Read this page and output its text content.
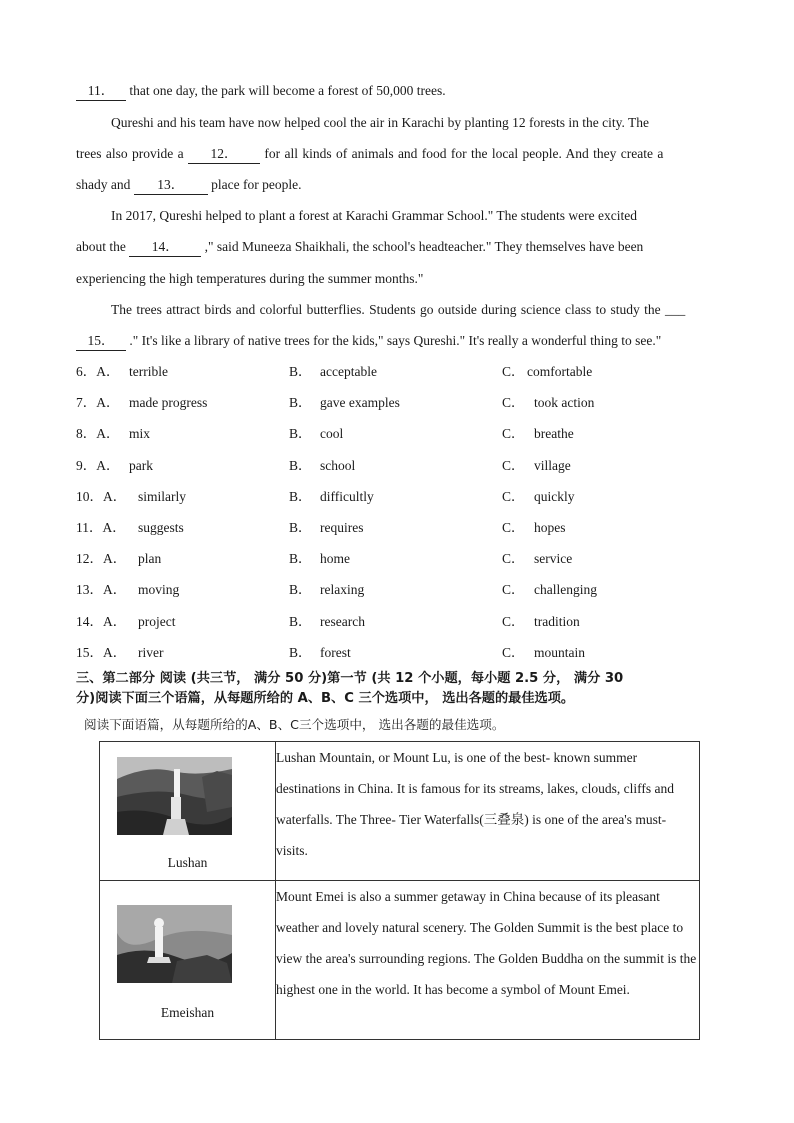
11． that one day, the park will become a forest of 50,000 trees.
Qureshi and his team have now helped cool the air in Karachi by planting 12 forests in the city. The
trees also provide a 12． for all kinds of animals and food for the local people. And they create a
shady and 13． place for people.
In 2017, Qureshi helped to plant a forest at Karachi Grammar School." The students were excited
about the 14． ," said Muneeza Shaikhali, the school's headteacher." They themselves have been
experiencing the high temperatures during the summer months."
The trees attract birds and colorful butterflies. Students go outside during science class to study the ___
15． ." It's like a library of native trees for the kids," says Qureshi." It's really a wonderful thing to see."
6．A． terrible	B． acceptable	C． comfortable
7．A． made progress	B． gave examples	C． took action
8．A． mix	B． cool	C． breathe
9．A． park	B． school	C． village
10．A． similarly	B． difficultly	C． quickly
11．A． suggests	B． requires	C． hopes
12．A． plan	B． home	C． service
13．A． moving	B． relaxing	C． challenging
14．A． project	B． research	C． tradition
15．A． river	B． forest	C． mountain
三、第二部分 阅读 (共三节， 满分 50 分)第一节 (共 12 个小题，每小题 2.5 分， 满分 30
分)阅读下面三个语篇，从每题所给的 A、B、C 三个选项中， 选出各题的最佳选项。
阅读下面语篇，从每题所给的A、B、C三个选项中， 选出各题的最佳选项。
Lushan	Lushan Mountain, or Mount Lu, is one of the best- known summer destinations in China. It is famous for its streams, lakes, clouds, cliffs and waterfalls. The Three- Tier Waterfalls(三叠泉) is one of the area's must- visits.

Emeishan	Mount Emei is also a summer getaway in China because of its pleasant weather and lovely natural scenery. The Golden Summit is the best place to view the area's surrounding regions. The Golden Buddha on the summit is the highest one in the world. It has become a symbol of Mount Emei.
